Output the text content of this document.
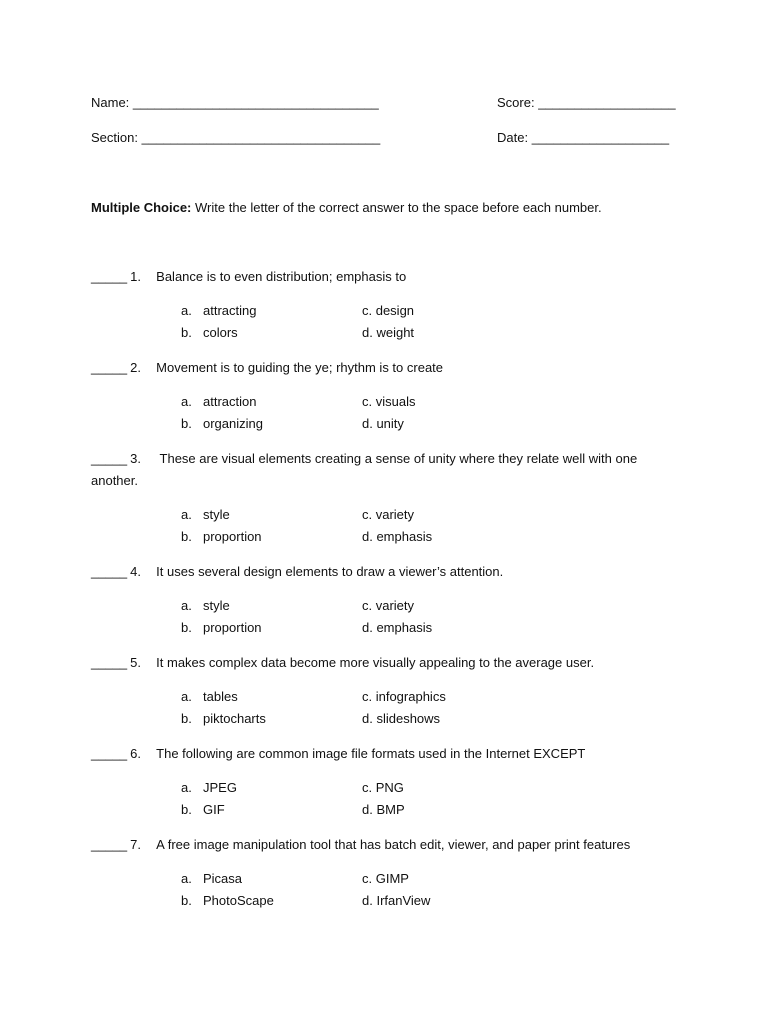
Name: __________________________________	Score: ___________________
Section: _________________________________	Date: ___________________
Multiple Choice: Write the letter of the correct answer to the space before each number.
_____ 1. Balance is to even distribution; emphasis to
a. attracting
b. colors
c. design
d. weight
_____ 2. Movement is to guiding the ye; rhythm is to create
a. attraction
b. organizing
c. visuals
d. unity
_____ 3. These are visual elements creating a sense of unity where they relate well with one
another.
a. style
b. proportion
c. variety
d. emphasis
_____ 4. It uses several design elements to draw a viewer’s attention.
a. style
b. proportion
c. variety
d. emphasis
_____ 5. It makes complex data become more visually appealing to the average user.
a. tables
b. piktocharts
c. infographics
d. slideshows
_____ 6. The following are common image file formats used in the Internet EXCEPT
a. JPEG
b. GIF
c. PNG
d. BMP
_____ 7. A free image manipulation tool that has batch edit, viewer, and paper print features
a. Picasa
b. PhotoScape
c. GIMP
d. IrfanView
